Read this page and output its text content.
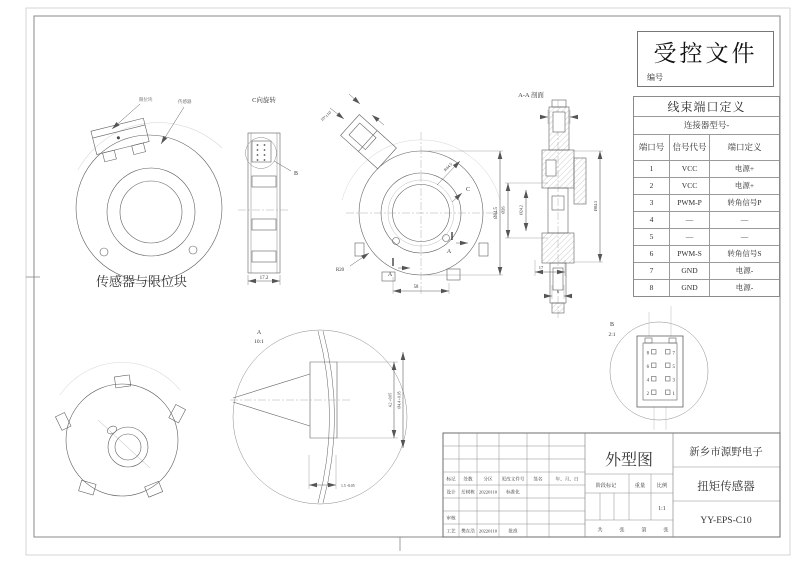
限位块	传感器
传感器与限位块
C向旋转
B
17.2
10°±10'
A
A
C
Ø84.5
R44.5
R20
58
A-A 剖面
Ø26	Ø24.2	Ø84.5
17
6
A
10:1
4.2 +0.05 Ø4.4 +0.05
1.5 -0.05
B
2:1
8	7
6	5
4	3
2	1
外型图	新乡市源野电子
扭矩传感器
YY-EPS-C10
标记 处数 分区 更改文件号 签名	年、月、日
设计 岳树栋 20220110 标准化
审核
工艺 樊在浩 20220110 批准
阶段标记	重量 比例
1:1
共	张	第	张
受控文件
编号
线束端口定义
连接器型号-
端口号 信号代号	端口定义
1	VCC	电源+
2	VCC	电源+
3	PWM-P	转角信号P
4	—	—
5	—	—
6	PWM-S	转角信号S
7	GND	电源-
8	GND	电源-
